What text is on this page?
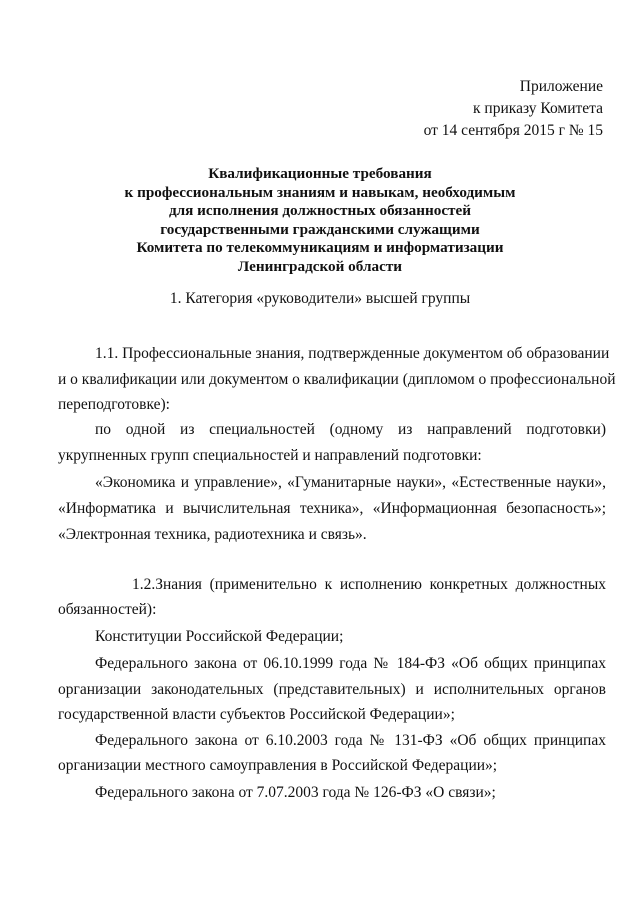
Приложение
к приказу Комитета
от 14 сентября 2015 г № 15
Квалификационные требования
к профессиональным знаниям и навыкам, необходимым
для исполнения должностных обязанностей
государственными гражданскими служащими
Комитета по телекоммуникациям и информатизации
Ленинградской области
1. Категория «руководители» высшей группы
1.1. Профессиональные знания, подтвержденные документом об образовании
и о квалификации или документом о квалификации (дипломом о профессиональной
переподготовке):
по одной из специальностей (одному из направлений подготовки)
укрупненных групп специальностей и направлений подготовки:
«Экономика и управление», «Гуманитарные науки», «Естественные науки»,
«Информатика и вычислительная техника», «Информационная безопасность»;
«Электронная техника, радиотехника и связь».
1.2.Знания (применительно к исполнению конкретных должностных
обязанностей):
Конституции Российской Федерации;
Федерального закона от 06.10.1999 года № 184-ФЗ «Об общих принципах
организации законодательных (представительных) и исполнительных органов
государственной власти субъектов Российской Федерации»;
Федерального закона от 6.10.2003 года № 131-ФЗ «Об общих принципах
организации местного самоуправления в Российской Федерации»;
Федерального закона от 7.07.2003 года № 126-ФЗ «О связи»;
